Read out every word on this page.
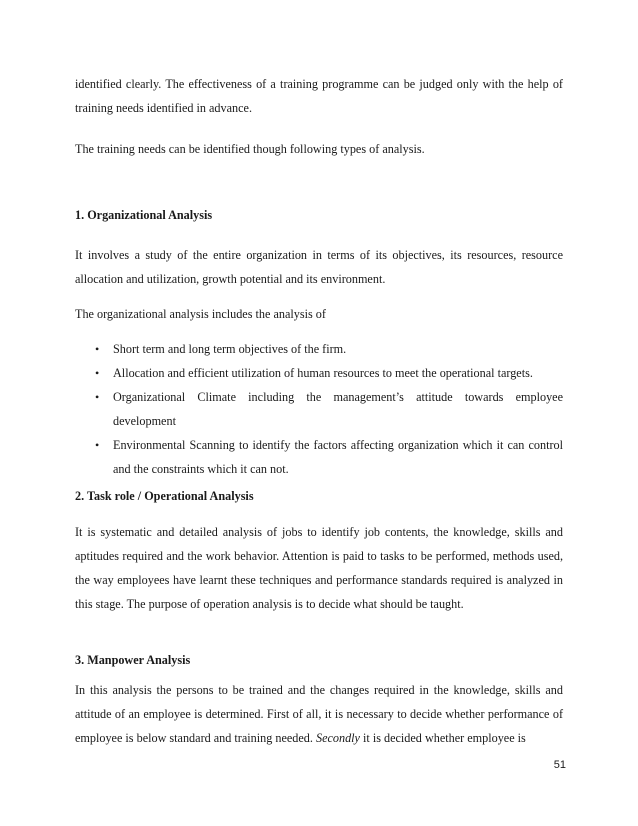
identified clearly. The effectiveness of a training programme can be judged only with the help of training needs identified in advance.

The training needs can be identified though following types of analysis.

1. Organizational Analysis

It involves a study of the entire organization in terms of its objectives, its resources, resource allocation and utilization, growth potential and its environment.

The organizational analysis includes the analysis of

• Short term and long term objectives of the firm.
• Allocation and efficient utilization of human resources to meet the operational targets.
• Organizational Climate including the management’s attitude towards employee development
• Environmental Scanning to identify the factors affecting organization which it can control and the constraints which it can not.

2. Task role / Operational Analysis

It is systematic and detailed analysis of jobs to identify job contents, the knowledge, skills and aptitudes required and the work behavior. Attention is paid to tasks to be performed, methods used, the way employees have learnt these techniques and performance standards required is analyzed in this stage. The purpose of operation analysis is to decide what should be taught.

3. Manpower Analysis

In this analysis the persons to be trained and the changes required in the knowledge, skills and attitude of an employee is determined. First of all, it is necessary to decide whether performance of employee is below standard and training needed. Secondly it is decided whether employee is

51
